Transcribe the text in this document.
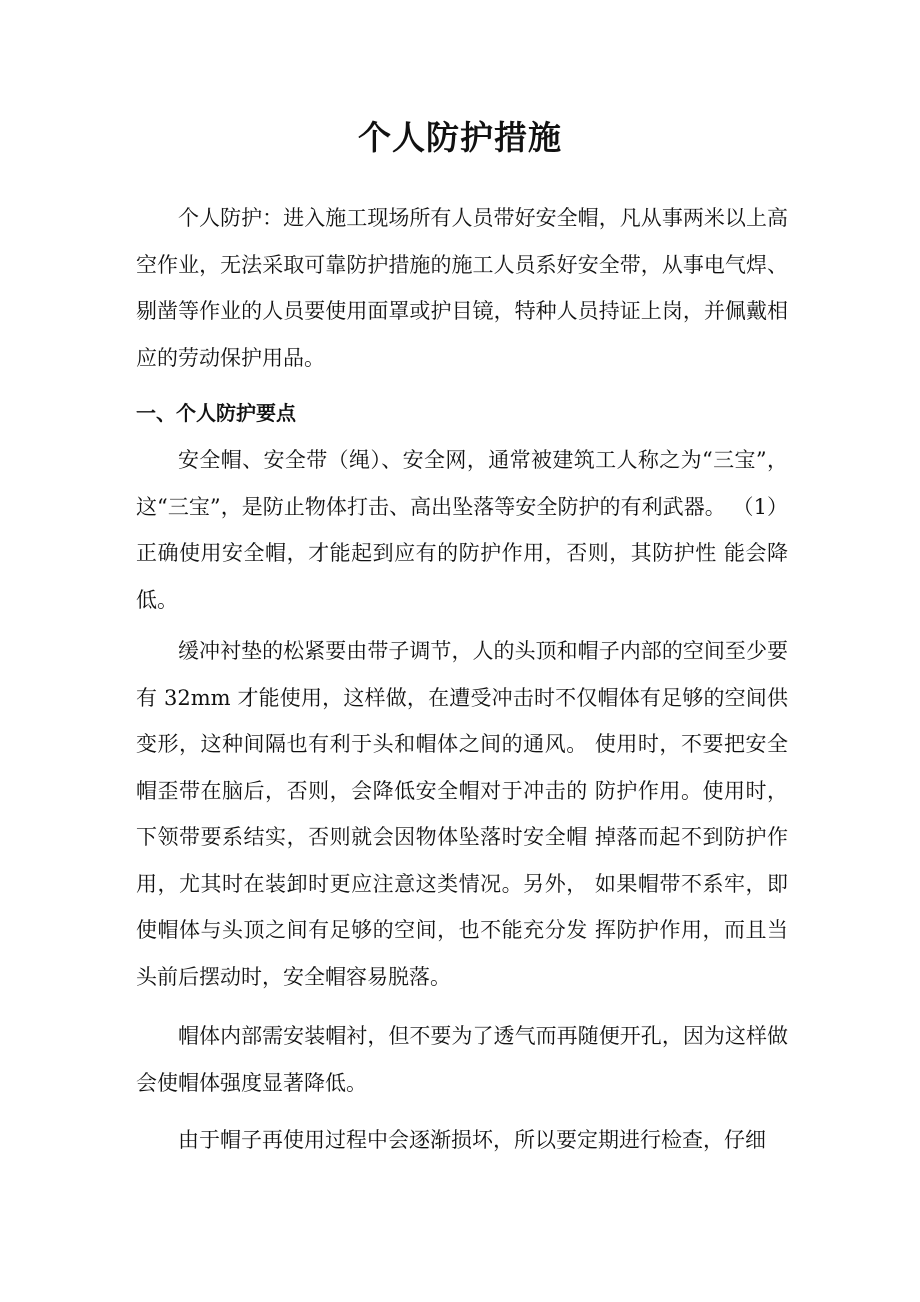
个人防护措施

个人防护：进入施工现场所有人员带好安全帽，凡从事两米以上高空作业，无法采取可靠防护措施的施工人员系好安全带，从事电气焊、剔凿等作业的人员要使用面罩或护目镜，特种人员持证上岗，并佩戴相应的劳动保护用品。

一、个人防护要点

安全帽、安全带（绳）、安全网，通常被建筑工人称之为“三宝”， 这“三宝”，是防止物体打击、高出坠落等安全防护的有利武器。 （1） 正确使用安全帽，才能起到应有的防护作用，否则，其防护性 能会降低。

缓冲衬垫的松紧要由带子调节，人的头顶和帽子内部的空间至少要有 32mm 才能使用，这样做，在遭受冲击时不仅帽体有足够的空间供变形，这种间隔也有利于头和帽体之间的通风。 使用时，不要把安全帽歪带在脑后，否则，会降低安全帽对于冲击的 防护作用。使用时，下领带要系结实，否则就会因物体坠落时安全帽 掉落而起不到防护作用，尤其时在装卸时更应注意这类情况。另外， 如果帽带不系牢，即使帽体与头顶之间有足够的空间，也不能充分发 挥防护作用，而且当头前后摆动时，安全帽容易脱落。

帽体内部需安装帽衬，但不要为了透气而再随便开孔，因为这样做会使帽体强度显著降低。

由于帽子再使用过程中会逐渐损坏，所以要定期进行检查，仔细
